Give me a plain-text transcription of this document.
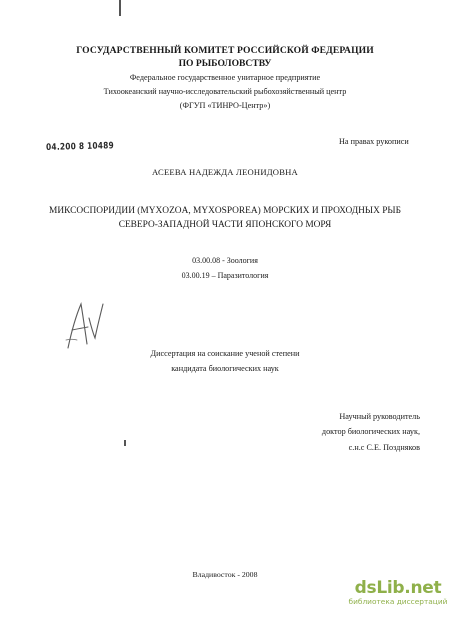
ГОСУДАРСТВЕННЫЙ КОМИТЕТ РОССИЙСКОЙ ФЕДЕРАЦИИ
ПО РЫБОЛОВСТВУ
Федеральное государственное унитарное предприятие
Тихоокеанский научно-исследовательский рыбохозяйственный центр
(ФГУП «ТИНРО-Центр»)
На правах рукописи
04.200 8 10489
АСЕЕВА НАДЕЖДА ЛЕОНИДОВНА
МИКСОСПОРИДИИ (MYXOZOA, MYXOSPOREA) МОРСКИХ И ПРОХОДНЫХ РЫБ
СЕВЕРО-ЗАПАДНОЙ ЧАСТИ ЯПОНСКОГО МОРЯ
03.00.08 - Зоология
03.00.19 – Паразитология
Диссертация на соискание ученой степени
кандидата биологических наук
Научный руководитель
доктор биологических наук,
с.н.с С.Е. Поздняков
Владивосток - 2008
dsLib.net
библиотека диссертаций
